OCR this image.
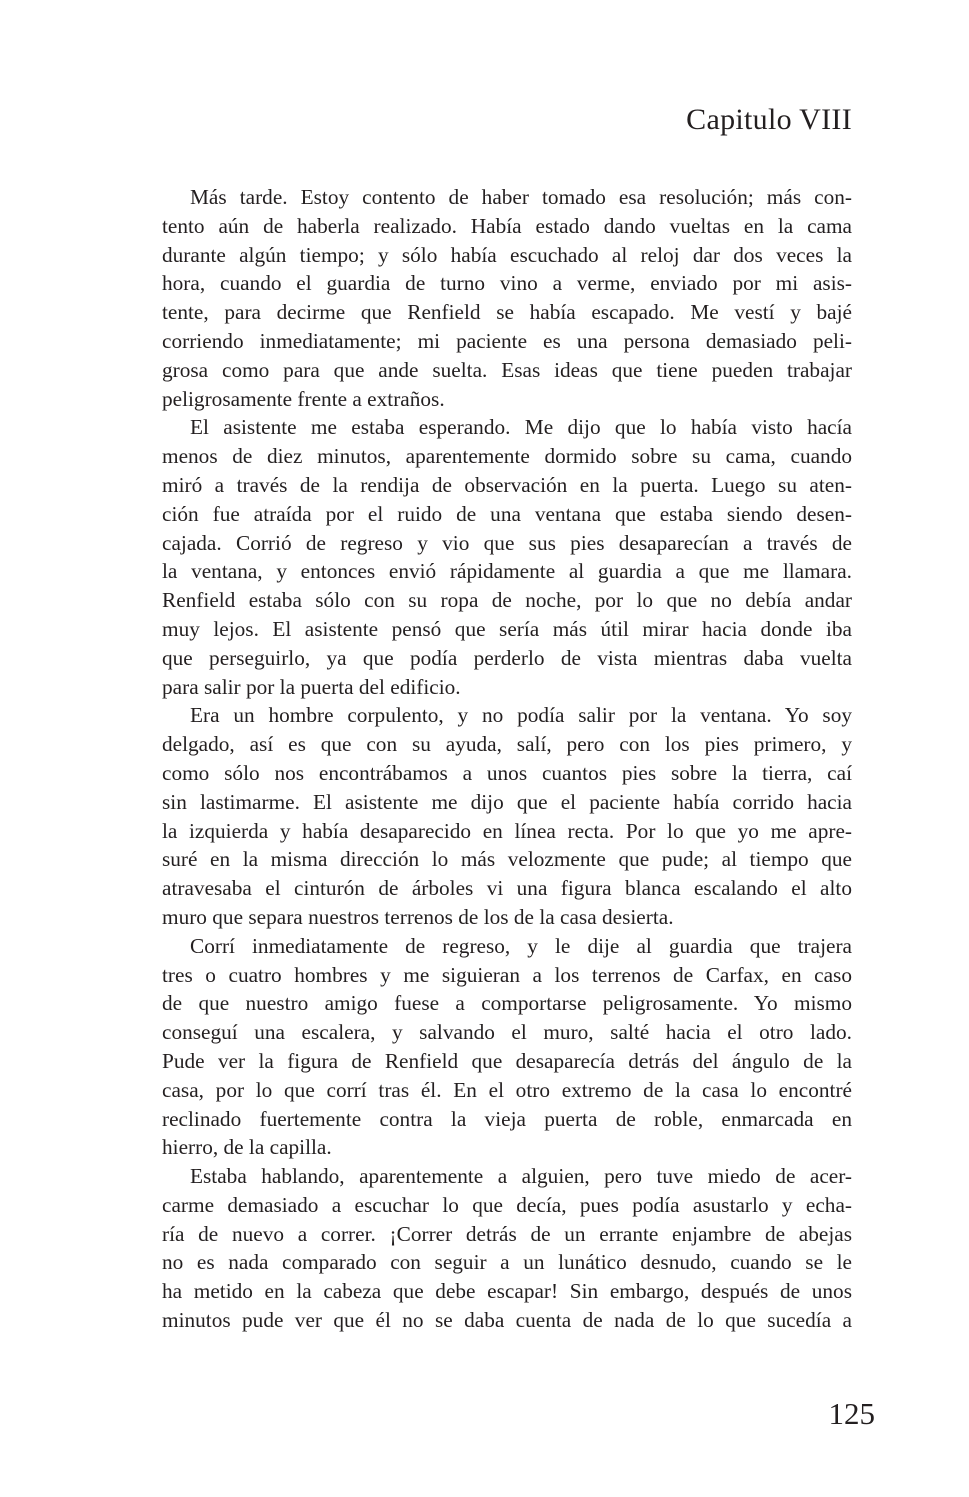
Capitulo VIII
Más tarde. Estoy contento de haber tomado esa resolución; más con-
tento aún de haberla realizado. Había estado dando vueltas en la cama
durante algún tiempo; y sólo había escuchado al reloj dar dos veces la
hora, cuando el guardia de turno vino a verme, enviado por mi asis-
tente, para decirme que Renfield se había escapado. Me vestí y bajé
corriendo inmediatamente; mi paciente es una persona demasiado peli-
grosa como para que ande suelta. Esas ideas que tiene pueden trabajar
peligrosamente frente a extraños.
El asistente me estaba esperando. Me dijo que lo había visto hacía
menos de diez minutos, aparentemente dormido sobre su cama, cuando
miró a través de la rendija de observación en la puerta. Luego su aten-
ción fue atraída por el ruido de una ventana que estaba siendo desen-
cajada. Corrió de regreso y vio que sus pies desaparecían a través de
la ventana, y entonces envió rápidamente al guardia a que me llamara.
Renfield estaba sólo con su ropa de noche, por lo que no debía andar
muy lejos. El asistente pensó que sería más útil mirar hacia donde iba
que perseguirlo, ya que podía perderlo de vista mientras daba vuelta
para salir por la puerta del edificio.
Era un hombre corpulento, y no podía salir por la ventana. Yo soy
delgado, así es que con su ayuda, salí, pero con los pies primero, y
como sólo nos encontrábamos a unos cuantos pies sobre la tierra, caí
sin lastimarme. El asistente me dijo que el paciente había corrido hacia
la izquierda y había desaparecido en línea recta. Por lo que yo me apre-
suré en la misma dirección lo más velozmente que pude; al tiempo que
atravesaba el cinturón de árboles vi una figura blanca escalando el alto
muro que separa nuestros terrenos de los de la casa desierta.
Corrí inmediatamente de regreso, y le dije al guardia que trajera
tres o cuatro hombres y me siguieran a los terrenos de Carfax, en caso
de que nuestro amigo fuese a comportarse peligrosamente. Yo mismo
conseguí una escalera, y salvando el muro, salté hacia el otro lado.
Pude ver la figura de Renfield que desaparecía detrás del ángulo de la
casa, por lo que corrí tras él. En el otro extremo de la casa lo encontré
reclinado fuertemente contra la vieja puerta de roble, enmarcada en
hierro, de la capilla.
Estaba hablando, aparentemente a alguien, pero tuve miedo de acer-
carme demasiado a escuchar lo que decía, pues podía asustarlo y echa-
ría de nuevo a correr. ¡Correr detrás de un errante enjambre de abejas
no es nada comparado con seguir a un lunático desnudo, cuando se le
ha metido en la cabeza que debe escapar! Sin embargo, después de unos
minutos pude ver que él no se daba cuenta de nada de lo que sucedía a
125
